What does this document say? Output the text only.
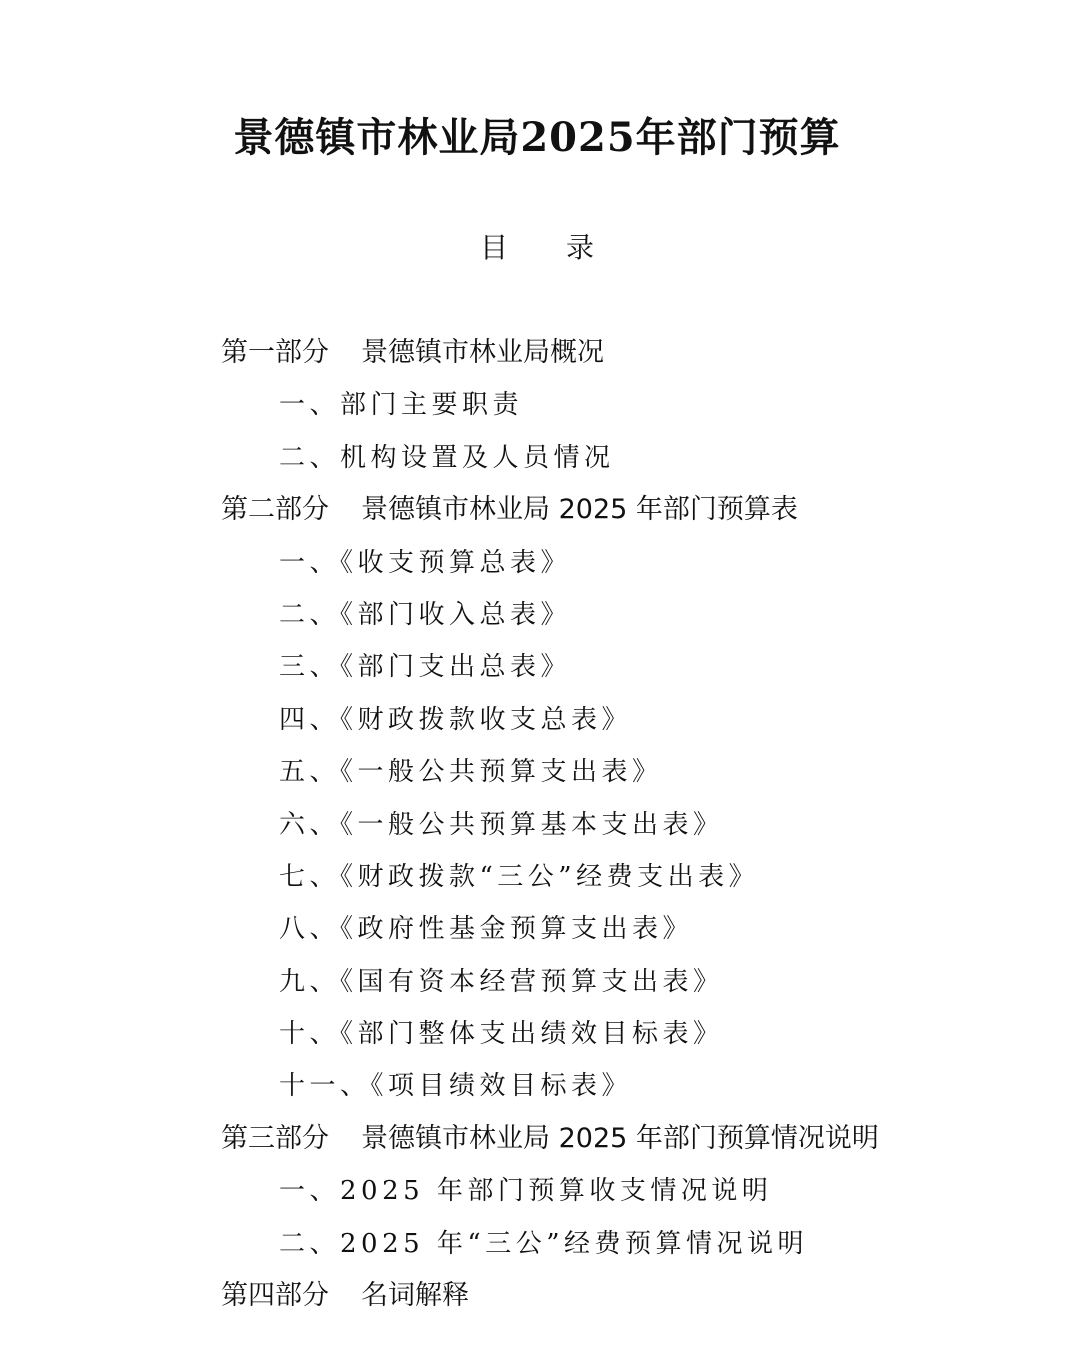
景德镇市林业局2025年部门预算
目录
第一部分 景德镇市林业局概况
一、部门主要职责
二、机构设置及人员情况
第二部分 景德镇市林业局 2025 年部门预算表
一、《收支预算总表》
二、《部门收入总表》
三、《部门支出总表》
四、《财政拨款收支总表》
五、《一般公共预算支出表》
六、《一般公共预算基本支出表》
七、《财政拨款“三公”经费支出表》
八、《政府性基金预算支出表》
九、《国有资本经营预算支出表》
十、《部门整体支出绩效目标表》
十一、《项目绩效目标表》
第三部分 景德镇市林业局 2025 年部门预算情况说明
一、2025 年部门预算收支情况说明
二、2025 年“三公”经费预算情况说明
第四部分 名词解释
